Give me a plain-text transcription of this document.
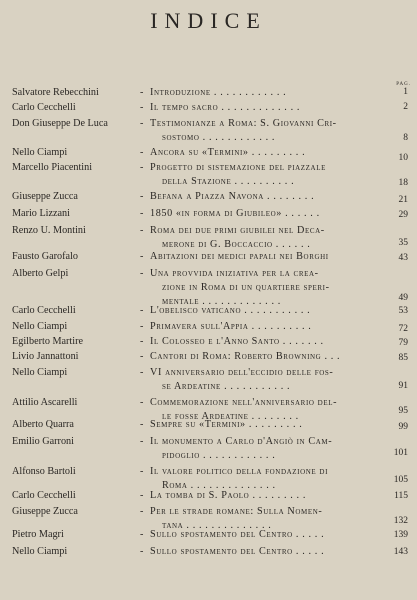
INDICE
PAG.
Salvatore Rebecchini	- Introduzione . . . . . . . . . . . .	1
Carlo Cecchelli	- Il tempo sacro . . . . . . . . . . . . .	2
Don Giuseppe De Luca	- Testimonianze a Roma: S. Giovanni Cri-
sostomo . . . . . . . . . . . .	8
Nello Ciampi	- Ancora su «Termini» . . . . . . . . .	10
Marcello Piacentini	- Progetto di sistemazione del piazzale
della Stazione . . . . . . . . . .	18
Giuseppe Zucca	- Befana a Piazza Navona . . . . . . . .	21
Mario Lizzani	- 1850 «in forma di Giubileo» . . . . . .	29
Renzo U. Montini	- Roma dei due primi giubilei nel Deca-
merone di G. Boccaccio . . . . . .	35
Fausto Garofalo	- Abitazioni dei medici papali nei Borghi	43
Alberto Gelpi	- Una provvida iniziativa per la crea-
zione in Roma di un quartiere speri-
mentale . . . . . . . . . . . . .	49
Carlo Cecchelli	- L'obelisco vaticano . . . . . . . . . . .	53
Nello Ciampi	- Primavera sull'Appia . . . . . . . . . .	72
Egilberto Martire	- Il Colosseo e l'Anno Santo . . . . . . .	79
Livio Jannattoni	- Cantori di Roma: Roberto Browning . . .	85
Nello Ciampi	- VI anniversario dell'eccidio delle fos-
se Ardeatine . . . . . . . . . . .	91
Attilio Ascarelli	- Commemorazione nell'anniversario del-
le fosse Ardeatine . . . . . . . .	95
Alberto Quarra	- Sempre su «Termini» . . . . . . . . .	99
Emilio Garroni	- Il monumento a Carlo d'Angiò in Cam-
pidoglio . . . . . . . . . . . .	101
Alfonso Bartoli	- Il valore politico della fondazione di
Roma . . . . . . . . . . . . . .	105
Carlo Cecchelli	- La tomba di S. Paolo . . . . . . . . .	115
Giuseppe Zucca	- Per le strade romane: Sulla Nomen-
tana . . . . . . . . . . . . . .	132
Pietro Magri	- Sullo spostamento del Centro . . . . .	139
Nello Ciampi	- Sullo spostamento del Centro . . . . .	143
